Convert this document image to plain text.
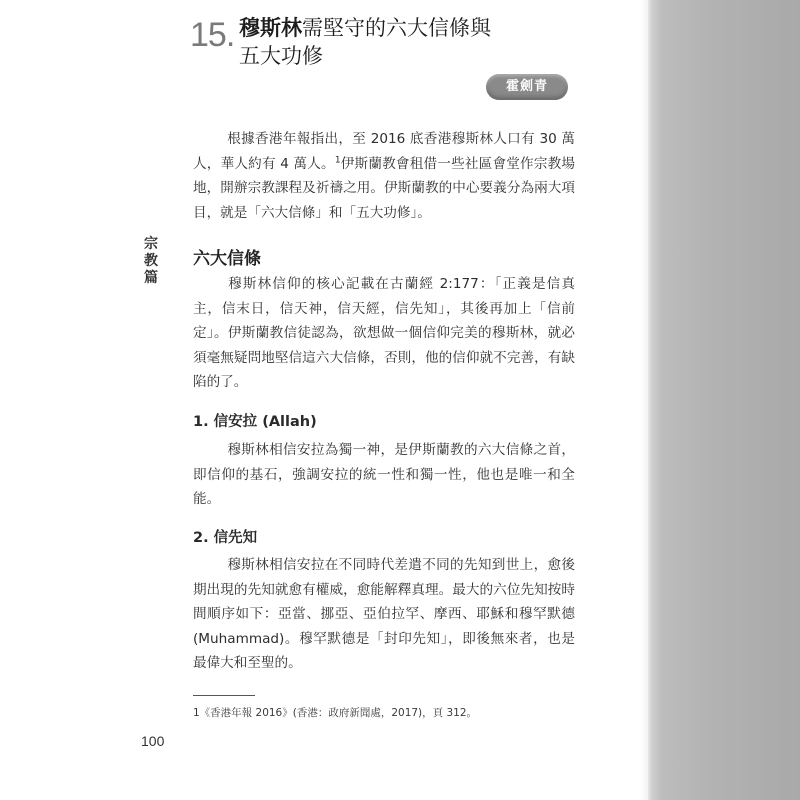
15. 穆斯林需堅守的六大信條與
五大功修
霍劍青
宗
教
篇

根據香港年報指出，至 2016 底香港穆斯林人口有 30 萬人，華人約有 4 萬人。$^1$伊斯蘭教會租借一些社區會堂作宗教場地，開辦宗教課程及祈禱之用。伊斯蘭教的中心要義分為兩大項目，就是「六大信條」和「五大功修」。

六大信條

穆斯林信仰的核心記載在古蘭經 2:177：「正義是信真主，信末日，信天神，信天經，信先知」，其後再加上「信前定」。伊斯蘭教信徒認為，欲想做一個信仰完美的穆斯林，就必須毫無疑問地堅信這六大信條，否則，他的信仰就不完善，有缺陷的了。

1. 信安拉 (Allah)

穆斯林相信安拉為獨一神，是伊斯蘭教的六大信條之首，即信仰的基石，強調安拉的統一性和獨一性，他也是唯一和全能。

2. 信先知

穆斯林相信安拉在不同時代差遣不同的先知到世上，愈後期出現的先知就愈有權威，愈能解釋真理。最大的六位先知按時間順序如下：亞當、挪亞、亞伯拉罕、摩西、耶穌和穆罕默德 (Muhammad)。穆罕默德是「封印先知」，即後無來者，也是最偉大和至聖的。

1《香港年報 2016》(香港：政府新聞處，2017)，頁 312。
100
